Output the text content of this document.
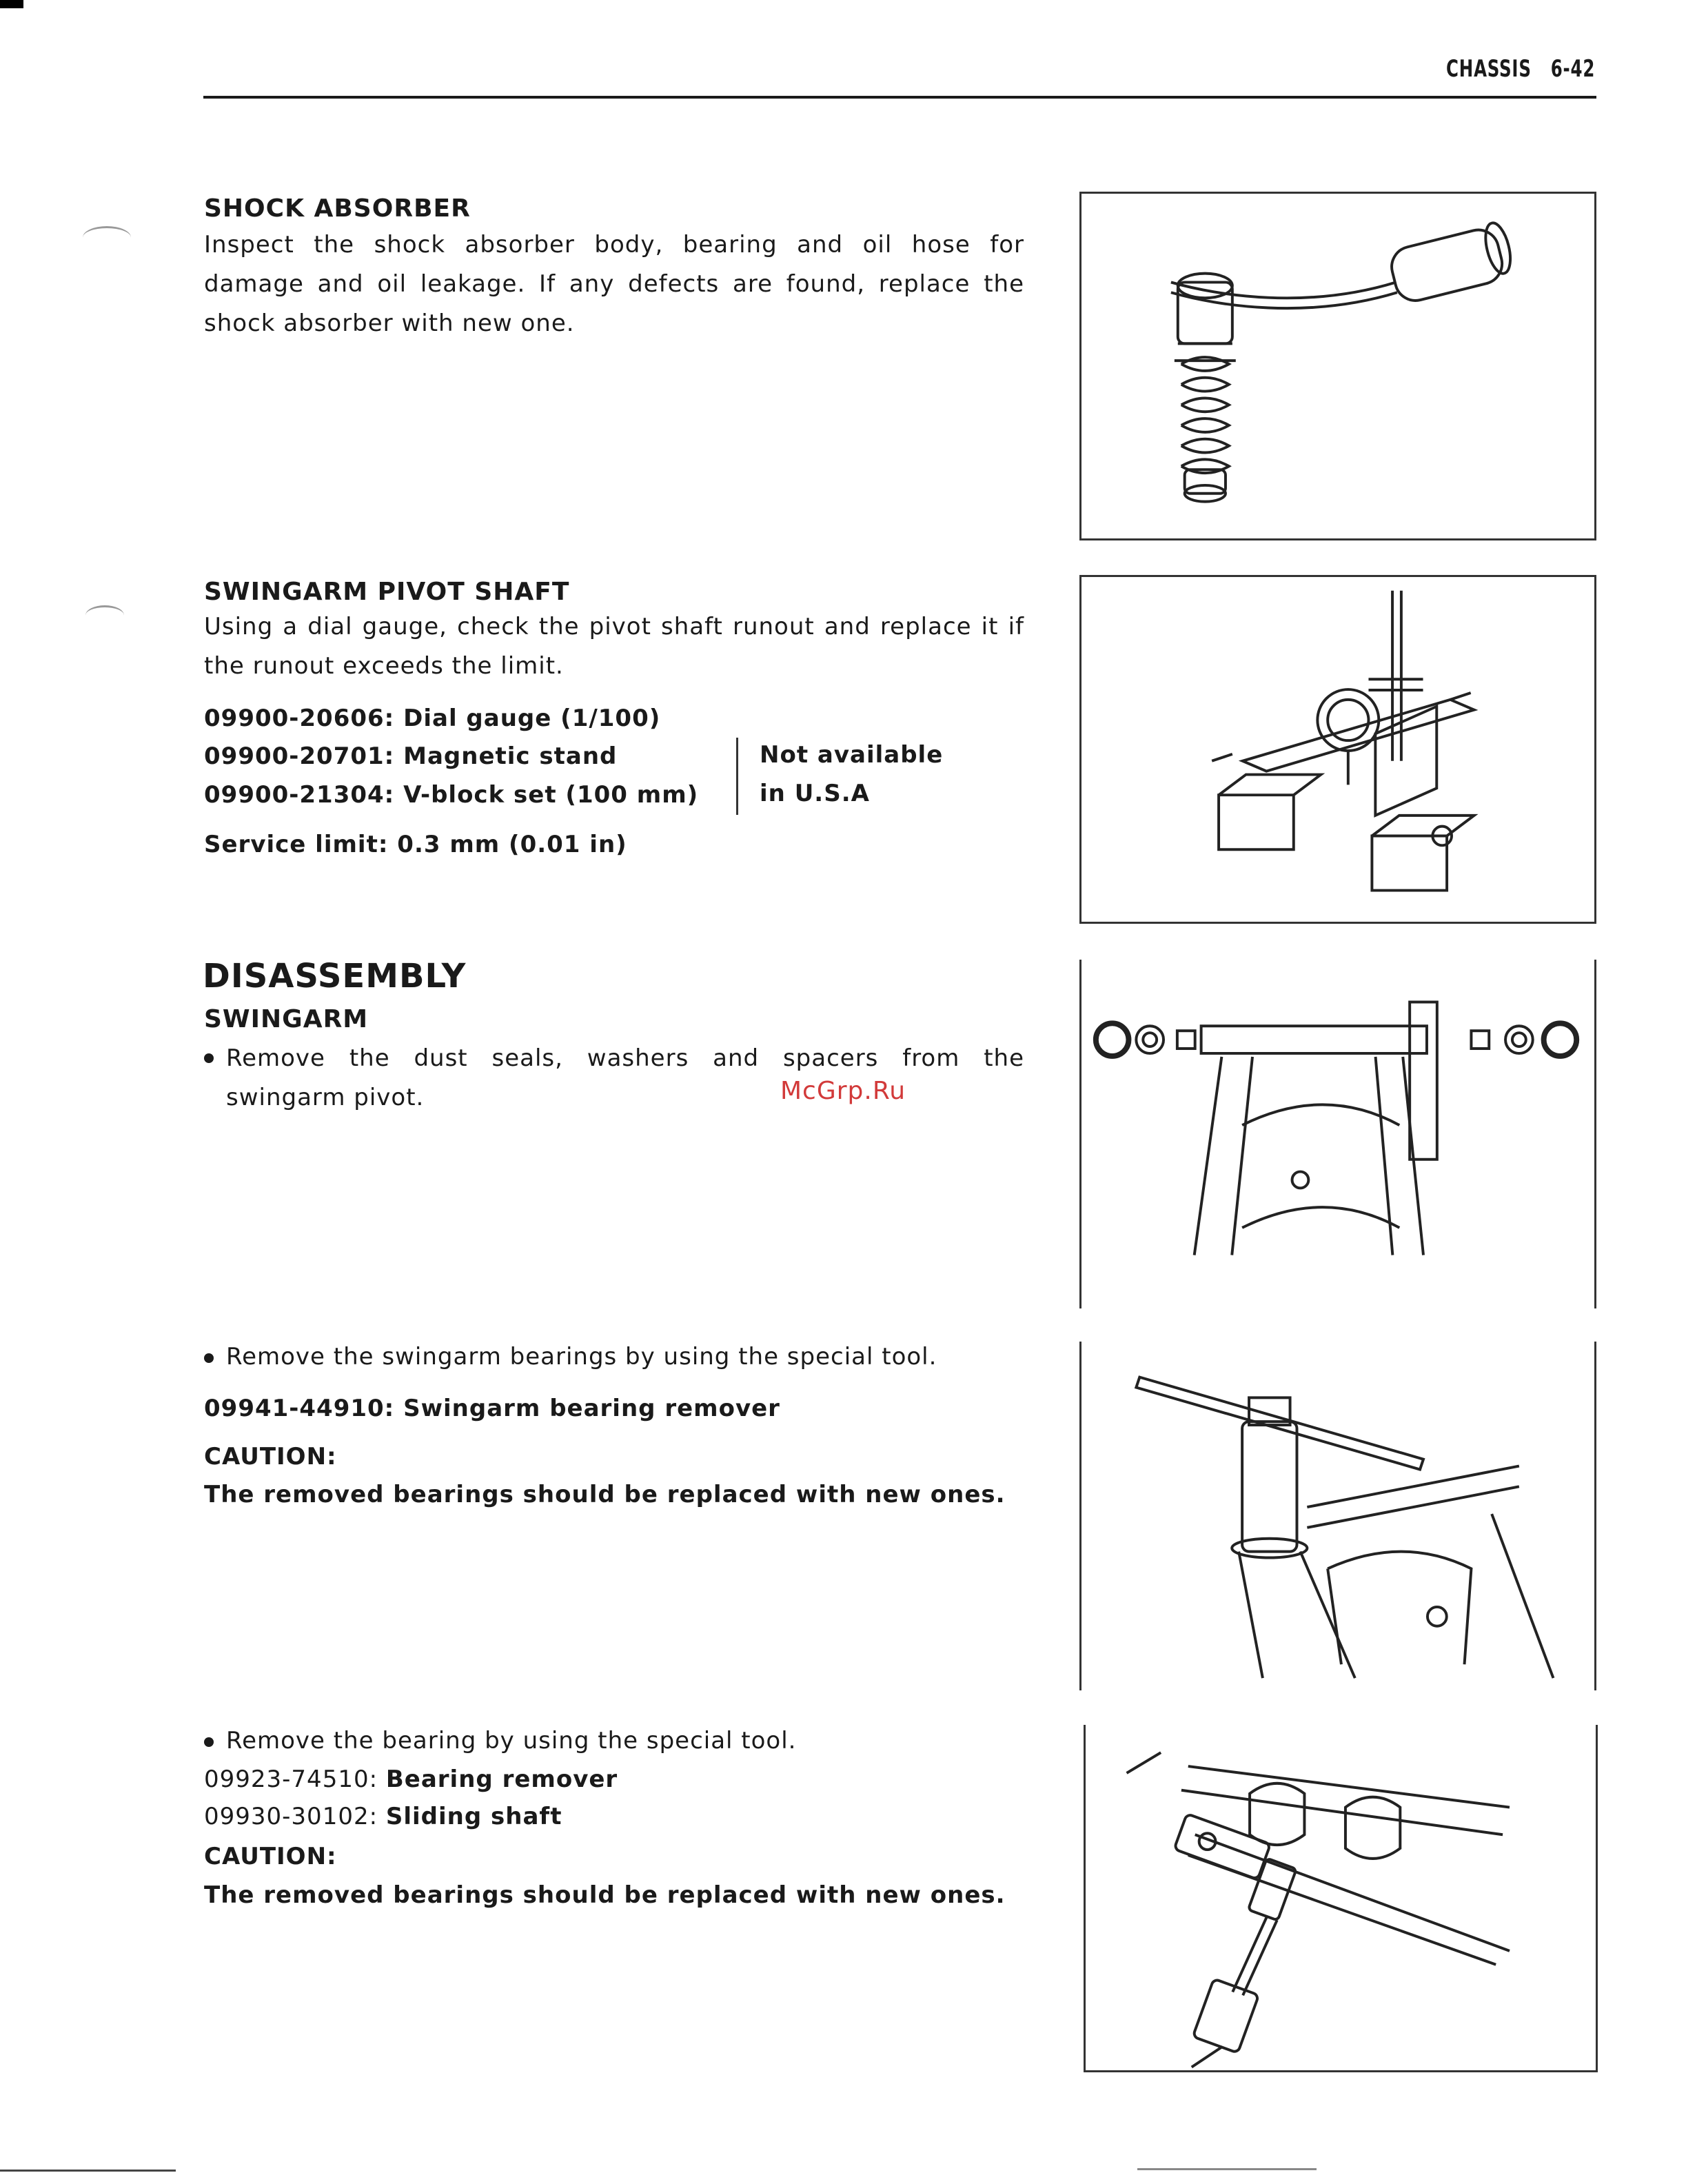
CHASSIS 6-42
SHOCK ABSORBER
Inspect the shock absorber body, bearing and oil hose for damage and oil leakage. If any defects are found, replace the shock absorber with new one.
SWINGARM PIVOT SHAFT
Using a dial gauge, check the pivot shaft runout and replace it if the runout exceeds the limit.
09900-20606: Dial gauge (1/100)
09900-20701: Magnetic stand
09900-21304: V-block set (100 mm)
Not available
in U.S.A
Service limit: 0.3 mm (0.01 in)
DISASSEMBLY
SWINGARM
Remove the dust seals, washers and spacers from the swingarm pivot.	McGrp.Ru
Remove the swingarm bearings by using the special tool.
09941-44910: Swingarm bearing remover
CAUTION:
The removed bearings should be replaced with new ones.
Remove the bearing by using the special tool.
09923-74510: Bearing remover
09930-30102: Sliding shaft
CAUTION:
The removed bearings should be replaced with new ones.
